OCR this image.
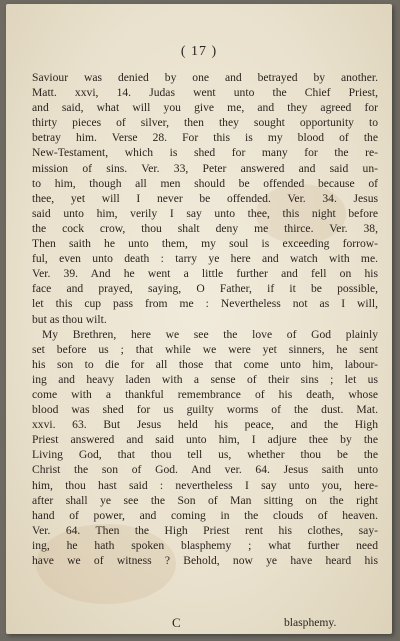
( 17 )
Saviour was denied by one and betrayed by another.
Matt. xxvi, 14. Judas went unto the Chief Priest,
and said, what will you give me, and they agreed for
thirty pieces of silver, then they sought opportunity to
betray him. Verse 28. For this is my blood of the
New-Testament, which is shed for many for the re-
mission of sins. Ver. 33, Peter answered and said un-
to him, though all men should be offended because of
thee, yet will I never be offended. Ver. 34. Jesus
said unto him, verily I say unto thee, this night before
the cock crow, thou shalt deny me thirce. Ver. 38,
Then saith he unto them, my soul is exceeding forrow-
ful, even unto death : tarry ye here and watch with me.
Ver. 39. And he went a little further and fell on his
face and prayed, saying, O Father, if it be possible,
let this cup pass from me : Nevertheless not as I will,
but as thou wilt.
My Brethren, here we see the love of God plainly
set before us ; that while we were yet sinners, he sent
his son to die for all those that come unto him, labour-
ing and heavy laden with a sense of their sins ; let us
come with a thankful remembrance of his death, whose
blood was shed for us guilty worms of the dust. Mat.
xxvi. 63. But Jesus held his peace, and the High
Priest answered and said unto him, I adjure thee by the
Living God, that thou tell us, whether thou be the
Christ the son of God. And ver. 64. Jesus saith unto
him, thou hast said : nevertheless I say unto you, here-
after shall ye see the Son of Man sitting on the right
hand of power, and coming in the clouds of heaven.
Ver. 64. Then the High Priest rent his clothes, say-
ing, he hath spoken blasphemy ; what further need
have we of witness ? Behold, now ye have heard his
C	blasphemy.
